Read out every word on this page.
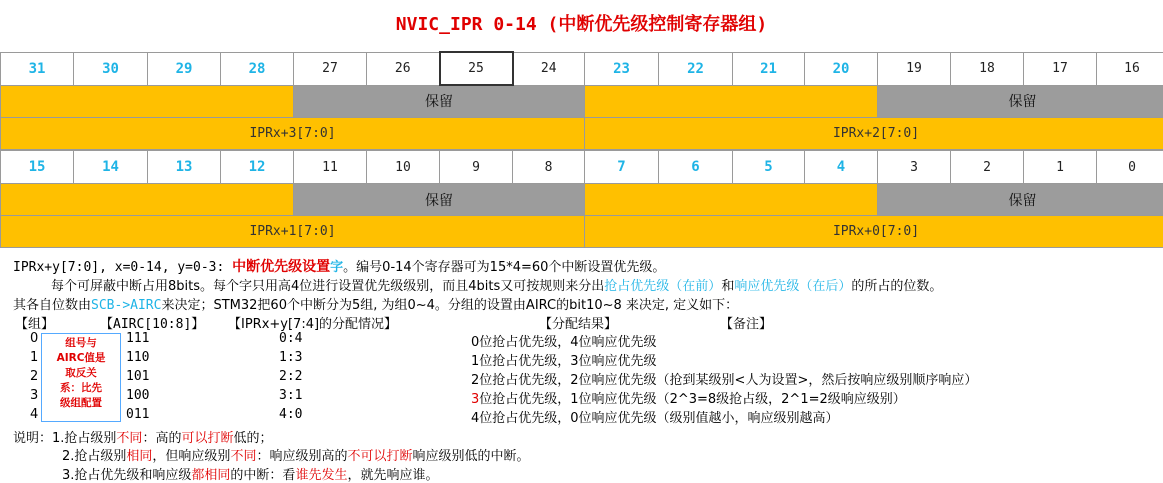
NVIC_IPR 0-14 (中断优先级控制寄存器组)
31	30	29	28	27	26	25	24	23	22	21	20	19	18	17	16
				保留								保留			
IPRx+3[7:0]								IPRx+2[7:0]							
15	14	13	12	11	10	9	8	7	6	5	4	3	2	1	0
				保留								保留			
IPRx+1[7:0]								IPRx+0[7:0]							
IPRx+y[7:0], x=0-14, y=0-3: 中断优先级设置字。编号0-14个寄存器可为15*4=60个中断设置优先级。
每个可屏蔽中断占用8bits。每个字只用高4位进行设置优先级级别，而且4bits又可按规则来分出抢占优先级（在前）和响应优先级（在后）的所占的位数。
其各自位数由SCB->AIRC来决定；STM32把60个中断分为5组, 为组0~4。分组的设置由AIRC的bit10~8 来决定, 定义如下：
【组】	【AIRC[10:8]】 【IPRx+y[7:4]的分配情况】	【分配结果】	【备注】
0	111	0:4	0位抢占优先级，4位响应优先级
1	110	1:3	1位抢占优先级，3位响应优先级
2	101	2:2	2位抢占优先级，2位响应优先级（抢到某级别<人为设置>，然后按响应级别顺序响应）
3	100	3:1	3位抢占优先级，1位响应优先级（2^3=8级抢占级，2^1=2级响应级别）
4	011	4:0	4位抢占优先级，0位响应优先级（级别值越小，响应级别越高）
组号与
AIRC值是
取反关
系：比先
级组配置
说明：1.抢占级别不同：高的可以打断低的；
2.抢占级别相同，但响应级别不同：响应级别高的不可以打断响应级别低的中断。
3.抢占优先级和响应级都相同的中断：看谁先发生，就先响应谁。
